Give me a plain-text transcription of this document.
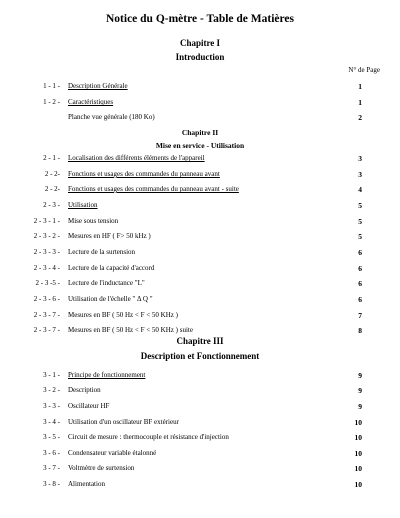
Notice du Q-mètre - Table de Matières
Chapitre I
Introduction
N° de Page
Chapitre II
Mise en service - Utilisation
Chapitre III
Description et Fonctionnement
1 - 1 - Description Générale	1
1 - 2 - Caractéristiques	1
Planche vue générale (180 Ko)	2
2 - 1 - Localisation des différents éléments de l'appareil	3
2 - 2- Fonctions et usages des commandes du panneau avant	3
2 - 2- Fonctions et usages des commandes du panneau avant - suite	4
2 - 3 - Utilisation	5
2 - 3 - 1 - Mise sous tension	5
2 - 3 - 2 - Mesures en HF ( F> 50 kHz )	5
2 - 3 - 3 - Lecture de la surtension	6
2 - 3 - 4 - Lecture de la capacité d'accord	6
2 - 3 -5 - Lecture de l'inductance "L"	6
2 - 3 - 6 - Utilisation de l'échelle " Δ Q "	6
2 - 3 - 7 - Mesures en BF ( 50 Hz < F < 50 KHz )	7
2 - 3 - 7 - Mesures en BF ( 50 Hz < F < 50 KHz ) suite	8
3 - 1 - Principe de fonctionnement	9
3 - 2 - Description	9
3 - 3 - Oscillateur HF	9
3 - 4 - Utilisation d'un oscillateur BF extérieur	10
3 - 5 - Circuit de mesure : thermocouple et résistance d'injection	10
3 - 6 - Condensateur variable étalonné	10
3 - 7 - Voltmètre de surtension	10
3 - 8 - Alimentation	10
